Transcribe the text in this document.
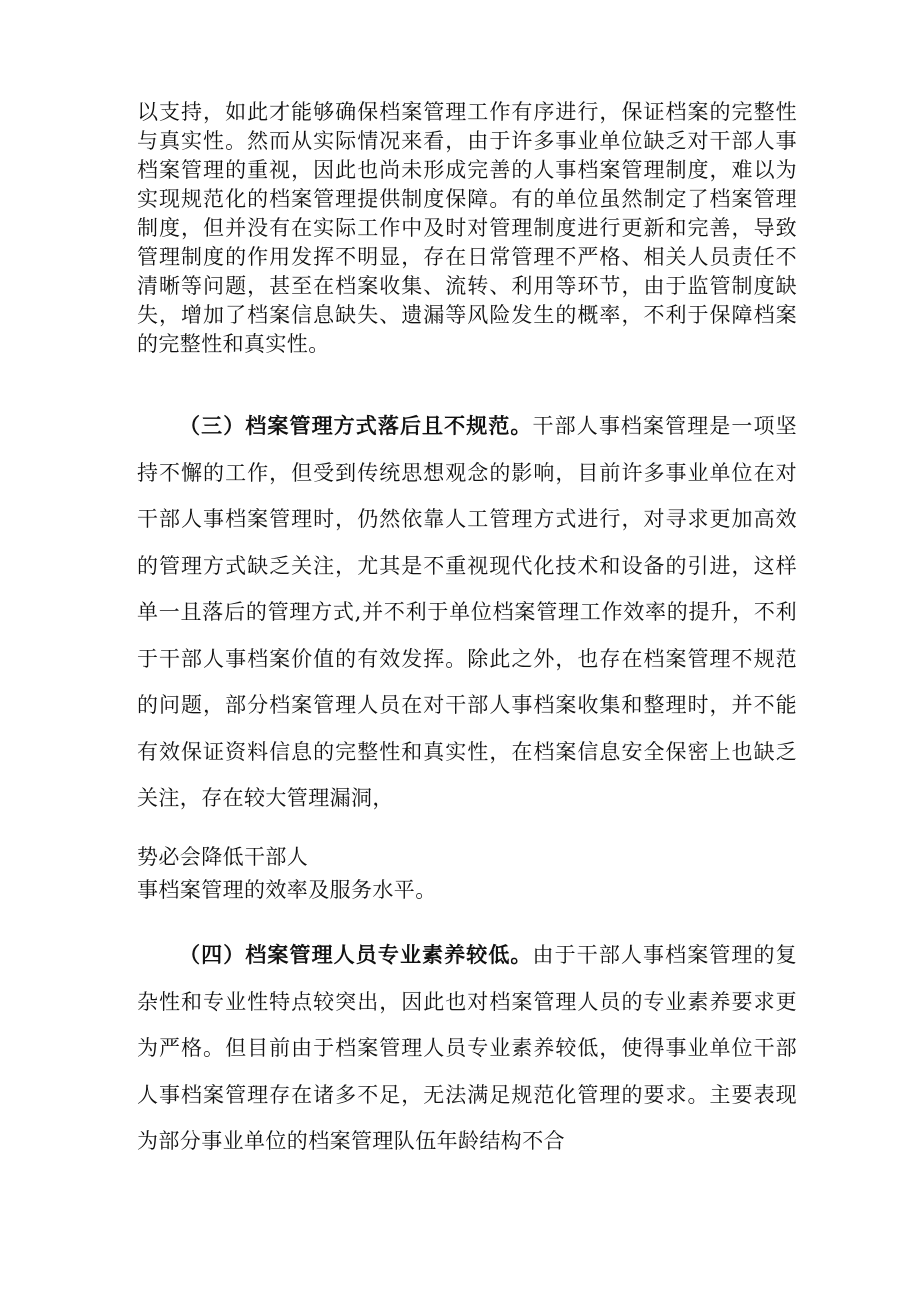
以支持，如此才能够确保档案管理工作有序进行，保证档案的完整性与真实性。然而从实际情况来看，由于许多事业单位缺乏对干部人事档案管理的重视，因此也尚未形成完善的人事档案管理制度，难以为实现规范化的档案管理提供制度保障。有的单位虽然制定了档案管理制度，但并没有在实际工作中及时对管理制度进行更新和完善，导致管理制度的作用发挥不明显，存在日常管理不严格、相关人员责任不清晰等问题，甚至在档案收集、流转、利用等环节，由于监管制度缺失，增加了档案信息缺失、遗漏等风险发生的概率，不利于保障档案的完整性和真实性。

（三）档案管理方式落后且不规范。干部人事档案管理是一项坚持不懈的工作，但受到传统思想观念的影响，目前许多事业单位在对干部人事档案管理时，仍然依靠人工管理方式进行，对寻求更加高效的管理方式缺乏关注，尤其是不重视现代化技术和设备的引进，这样单一且落后的管理方式,并不利于单位档案管理工作效率的提升，不利于干部人事档案价值的有效发挥。除此之外，也存在档案管理不规范的问题，部分档案管理人员在对干部人事档案收集和整理时，并不能有效保证资料信息的完整性和真实性，在档案信息安全保密上也缺乏关注，存在较大管理漏洞，

势必会降低干部人

事档案管理的效率及服务水平。

（四）档案管理人员专业素养较低。由于干部人事档案管理的复杂性和专业性特点较突出，因此也对档案管理人员的专业素养要求更为严格。但目前由于档案管理人员专业素养较低，使得事业单位干部人事档案管理存在诸多不足，无法满足规范化管理的要求。主要表现为部分事业单位的档案管理队伍年龄结构不合
